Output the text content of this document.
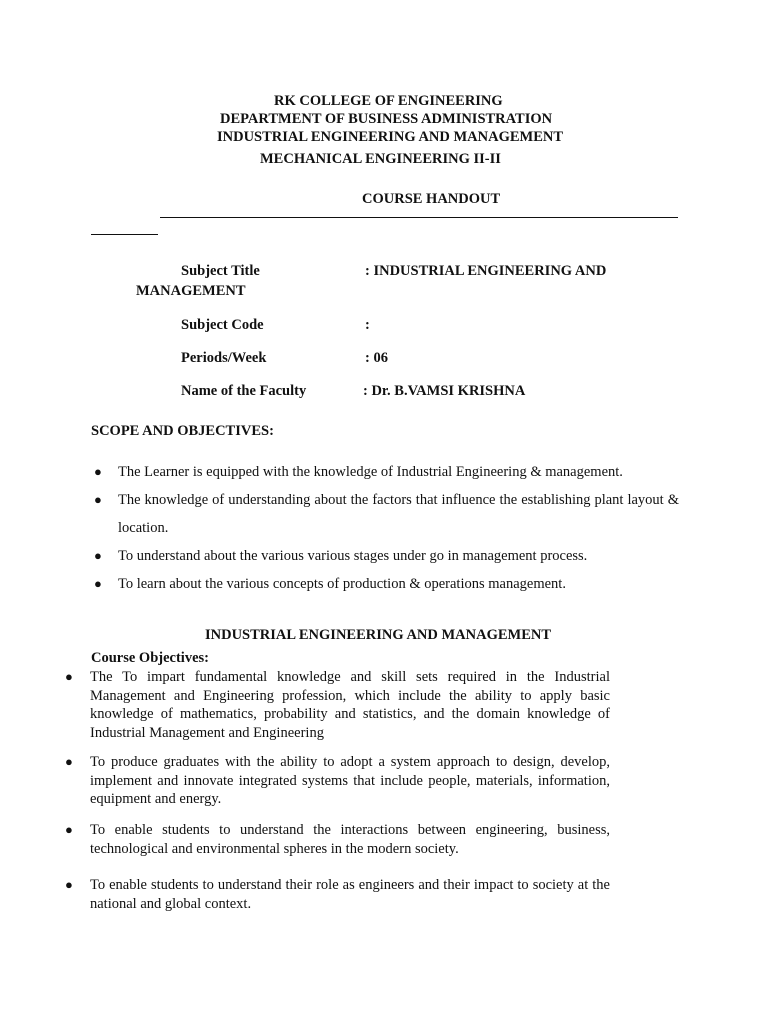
RK COLLEGE OF ENGINEERING
DEPARTMENT OF BUSINESS ADMINISTRATION
INDUSTRIAL ENGINEERING AND MANAGEMENT
MECHANICAL ENGINEERING II-II
COURSE HANDOUT
Subject Title	: INDUSTRIAL ENGINEERING AND
MANAGEMENT
Subject Code	:
Periods/Week	: 06
Name of the Faculty	: Dr. B.VAMSI KRISHNA
SCOPE AND OBJECTIVES:
● The Learner is equipped with the knowledge of Industrial Engineering & management.
● The knowledge of understanding about the factors that influence the establishing plant layout & location.
● To understand about the various various stages under go in management process.
● To learn about the various concepts of production & operations management.
INDUSTRIAL ENGINEERING AND MANAGEMENT
Course Objectives:
● The To impart fundamental knowledge and skill sets required in the Industrial Management and Engineering profession, which include the ability to apply basic knowledge of mathematics, probability and statistics, and the domain knowledge of Industrial Management and Engineering
● To produce graduates with the ability to adopt a system approach to design, develop, implement and innovate integrated systems that include people, materials, information, equipment and energy.
● To enable students to understand the interactions between engineering, business, technological and environmental spheres in the modern society.
● To enable students to understand their role as engineers and their impact to society at the national and global context.
